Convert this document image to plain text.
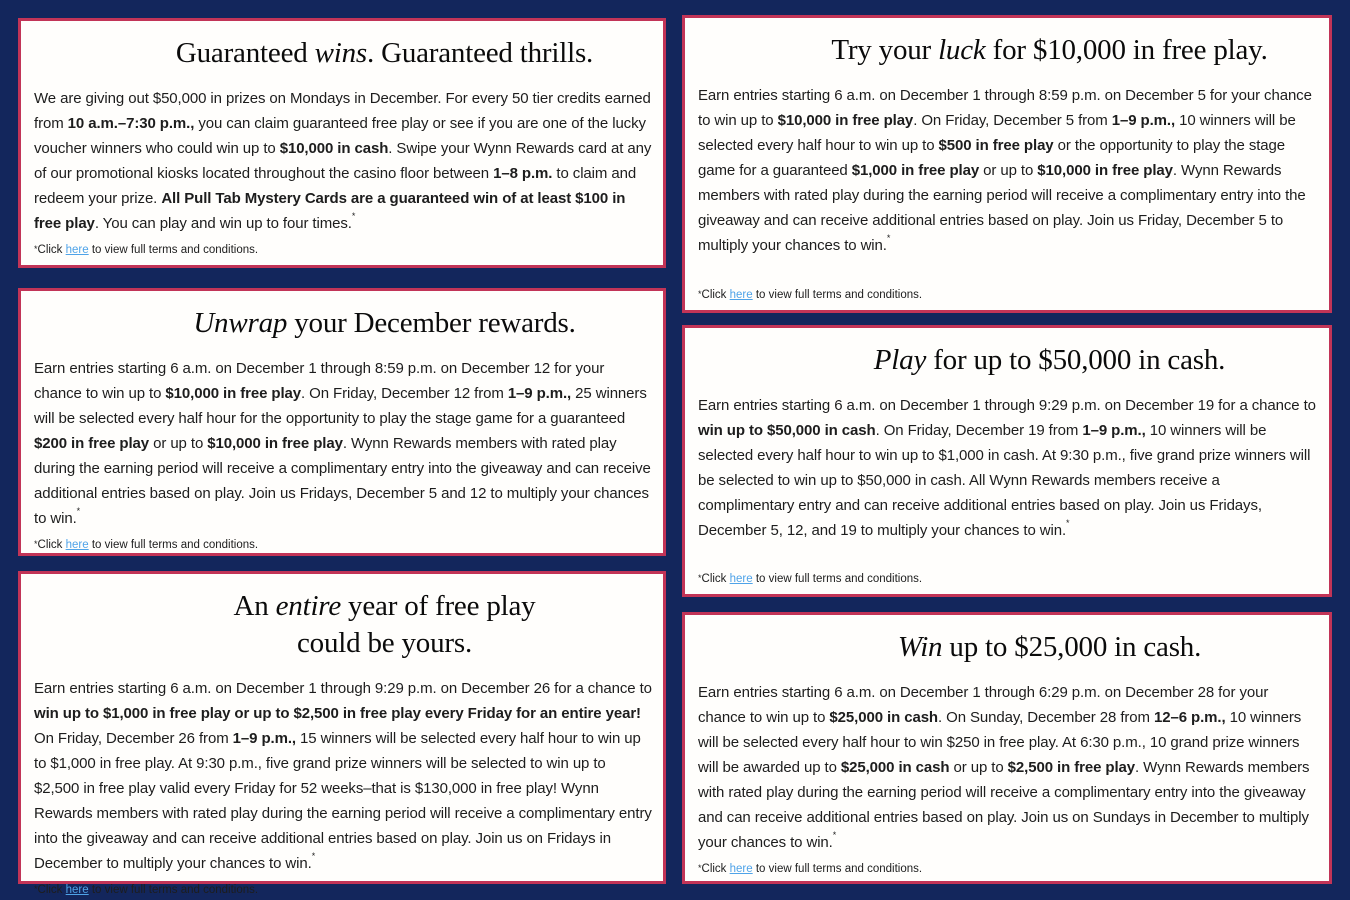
Guaranteed wins. Guaranteed thrills.

We are giving out $50,000 in prizes on Mondays in December. For every 50 tier credits earned from 10 a.m.–7:30 p.m., you can claim guaranteed free play or see if you are one of the lucky voucher winners who could win up to $10,000 in cash. Swipe your Wynn Rewards card at any of our promotional kiosks located throughout the casino floor between 1–8 p.m. to claim and redeem your prize. All Pull Tab Mystery Cards are a guaranteed win of at least $100 in free play. You can play and win up to four times.*

*Click here to view full terms and conditions.

Unwrap your December rewards.

Earn entries starting 6 a.m. on December 1 through 8:59 p.m. on December 12 for your chance to win up to $10,000 in free play. On Friday, December 12 from 1–9 p.m., 25 winners will be selected every half hour for the opportunity to play the stage game for a guaranteed $200 in free play or up to $10,000 in free play. Wynn Rewards members with rated play during the earning period will receive a complimentary entry into the giveaway and can receive additional entries based on play. Join us Fridays, December 5 and 12 to multiply your chances to win.*

*Click here to view full terms and conditions.

An entire year of free play
could be yours.

Earn entries starting 6 a.m. on December 1 through 9:29 p.m. on December 26 for a chance to win up to $1,000 in free play or up to $2,500 in free play every Friday for an entire year! On Friday, December 26 from 1–9 p.m., 15 winners will be selected every half hour to win up to $1,000 in free play. At 9:30 p.m., five grand prize winners will be selected to win up to $2,500 in free play valid every Friday for 52 weeks–that is $130,000 in free play! Wynn Rewards members with rated play during the earning period will receive a complimentary entry into the giveaway and can receive additional entries based on play. Join us on Fridays in December to multiply your chances to win.*

*Click here to view full terms and conditions.

Try your luck for $10,000 in free play.

Earn entries starting 6 a.m. on December 1 through 8:59 p.m. on December 5 for your chance to win up to $10,000 in free play. On Friday, December 5 from 1–9 p.m., 10 winners will be selected every half hour to win up to $500 in free play or the opportunity to play the stage game for a guaranteed $1,000 in free play or up to $10,000 in free play. Wynn Rewards members with rated play during the earning period will receive a complimentary entry into the giveaway and can receive additional entries based on play. Join us Friday, December 5 to multiply your chances to win.*

*Click here to view full terms and conditions.

Play for up to $50,000 in cash.

Earn entries starting 6 a.m. on December 1 through 9:29 p.m. on December 19 for a chance to win up to $50,000 in cash. On Friday, December 19 from 1–9 p.m., 10 winners will be selected every half hour to win up to $1,000 in cash. At 9:30 p.m., five grand prize winners will be selected to win up to $50,000 in cash. All Wynn Rewards members receive a complimentary entry and can receive additional entries based on play. Join us Fridays, December 5, 12, and 19 to multiply your chances to win.*

*Click here to view full terms and conditions.

Win up to $25,000 in cash.

Earn entries starting 6 a.m. on December 1 through 6:29 p.m. on December 28 for your chance to win up to $25,000 in cash. On Sunday, December 28 from 12–6 p.m., 10 winners will be selected every half hour to win $250 in free play. At 6:30 p.m., 10 grand prize winners will be awarded up to $25,000 in cash or up to $2,500 in free play. Wynn Rewards members with rated play during the earning period will receive a complimentary entry into the giveaway and can receive additional entries based on play. Join us on Sundays in December to multiply your chances to win.*

*Click here to view full terms and conditions.
